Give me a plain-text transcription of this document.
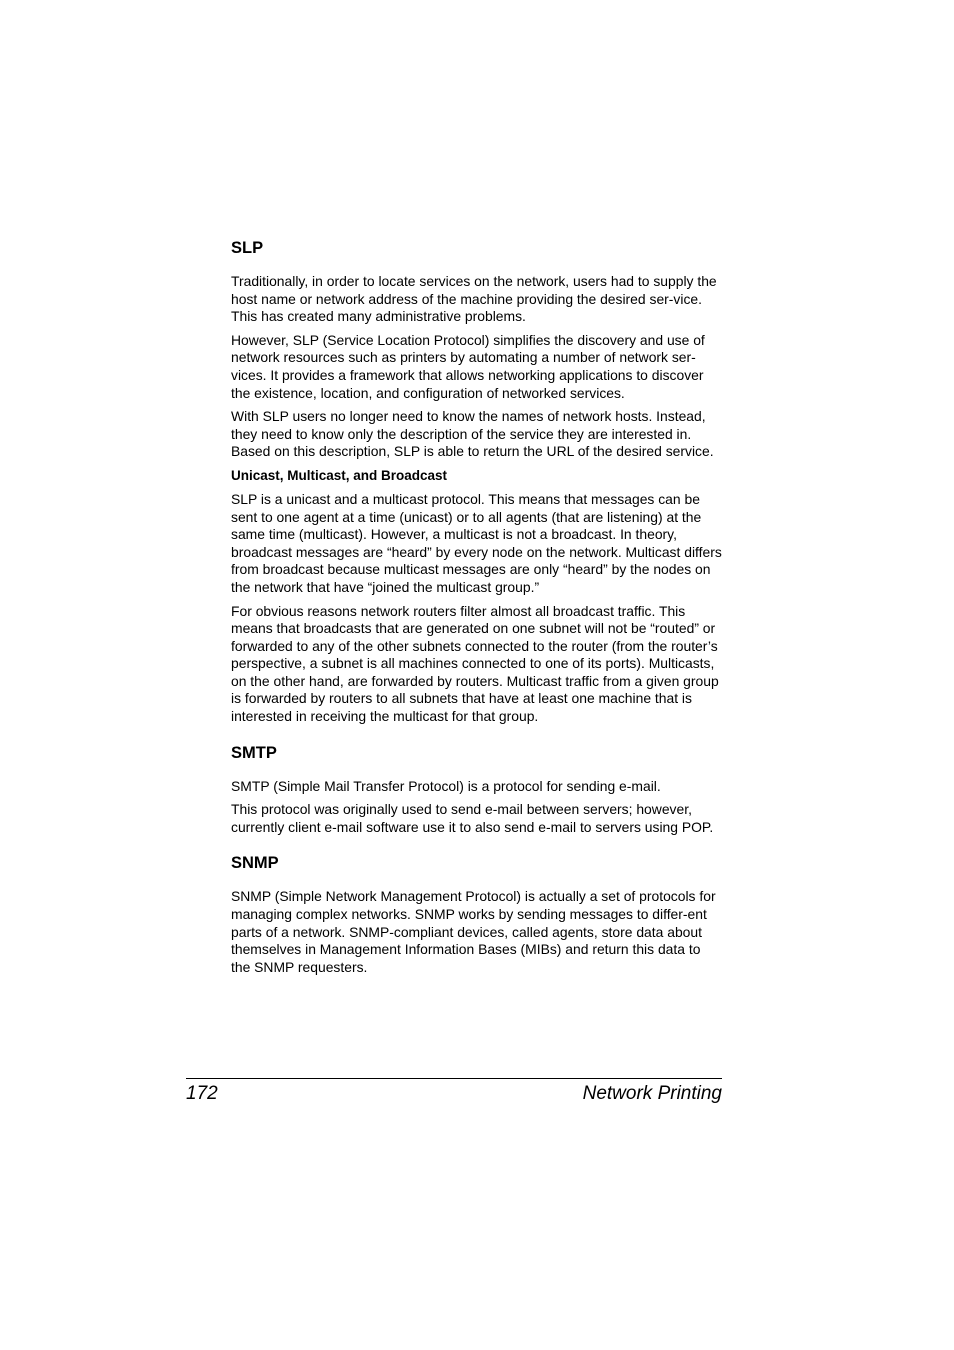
SLP

Traditionally, in order to locate services on the network, users had to supply the host name or network address of the machine providing the desired ser-vice. This has created many administrative problems.

However, SLP (Service Location Protocol) simplifies the discovery and use of network resources such as printers by automating a number of network ser-vices. It provides a framework that allows networking applications to discover the existence, location, and configuration of networked services.

With SLP users no longer need to know the names of network hosts. Instead, they need to know only the description of the service they are interested in. Based on this description, SLP is able to return the URL of the desired service.

Unicast, Multicast, and Broadcast

SLP is a unicast and a multicast protocol. This means that messages can be sent to one agent at a time (unicast) or to all agents (that are listening) at the same time (multicast). However, a multicast is not a broadcast. In theory, broadcast messages are “heard” by every node on the network. Multicast differs from broadcast because multicast messages are only “heard” by the nodes on the network that have “joined the multicast group.”

For obvious reasons network routers filter almost all broadcast traffic. This means that broadcasts that are generated on one subnet will not be “routed” or forwarded to any of the other subnets connected to the router (from the router’s perspective, a subnet is all machines connected to one of its ports). Multicasts, on the other hand, are forwarded by routers. Multicast traffic from a given group is forwarded by routers to all subnets that have at least one machine that is interested in receiving the multicast for that group.

SMTP

SMTP (Simple Mail Transfer Protocol) is a protocol for sending e-mail.

This protocol was originally used to send e-mail between servers; however, currently client e-mail software use it to also send e-mail to servers using POP.

SNMP

SNMP (Simple Network Management Protocol) is actually a set of protocols for managing complex networks. SNMP works by sending messages to differ-ent parts of a network. SNMP-compliant devices, called agents, store data about themselves in Management Information Bases (MIBs) and return this data to the SNMP requesters.

172	Network Printing
